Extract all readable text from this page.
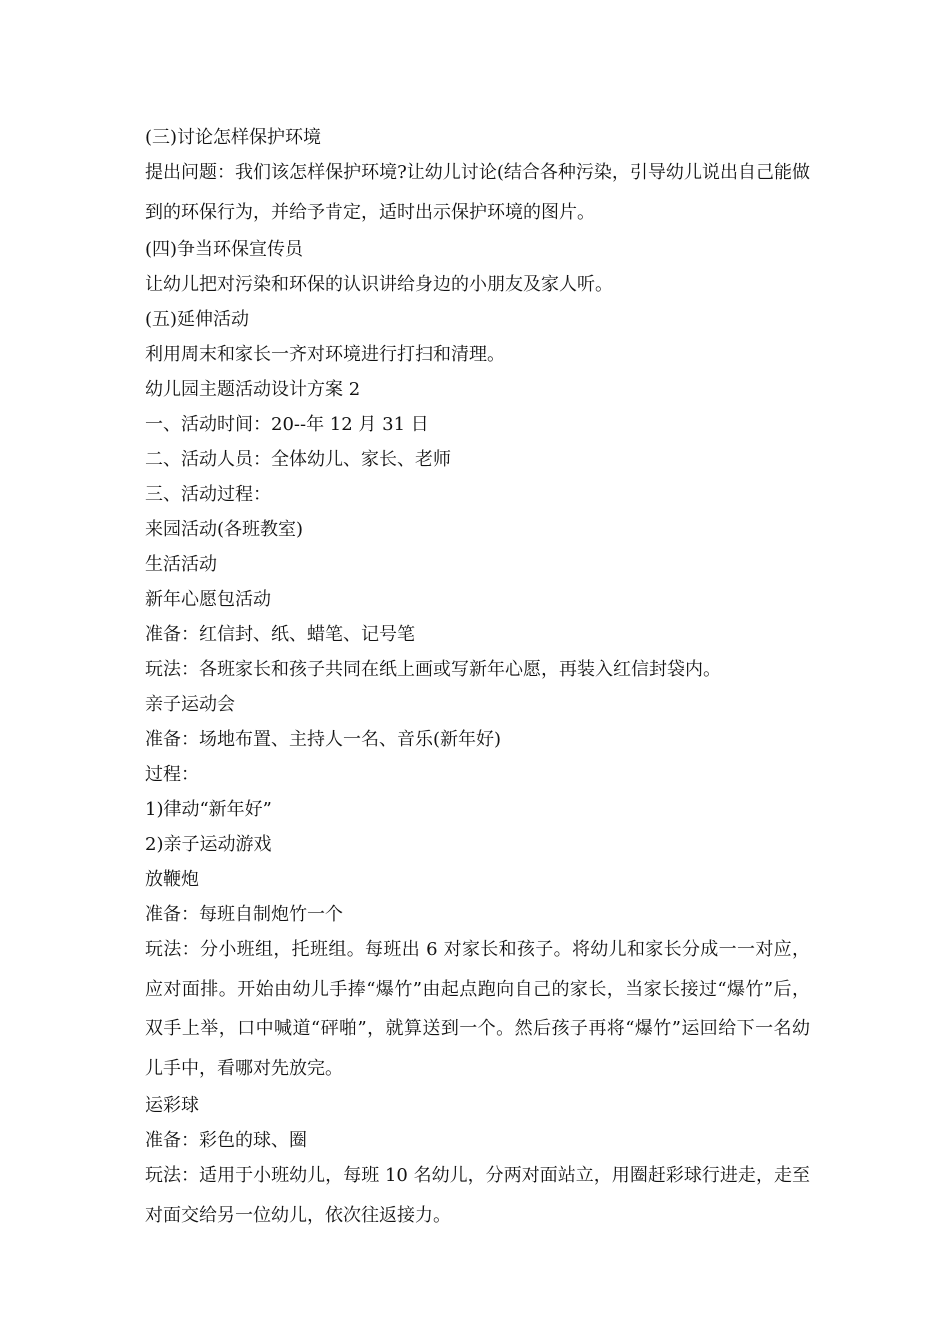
(三)讨论怎样保护环境

提出问题：我们该怎样保护环境?让幼儿讨论(结合各种污染，引导幼儿说出自己能做到的环保行为，并给予肯定，适时出示保护环境的图片。

(四)争当环保宣传员

让幼儿把对污染和环保的认识讲给身边的小朋友及家人听。

(五)延伸活动

利用周末和家长一齐对环境进行打扫和清理。

幼儿园主题活动设计方案 2

一、活动时间：20--年 12 月 31 日

二、活动人员：全体幼儿、家长、老师

三、活动过程：

来园活动(各班教室)

生活活动

新年心愿包活动

准备：红信封、纸、蜡笔、记号笔

玩法：各班家长和孩子共同在纸上画或写新年心愿，再装入红信封袋内。

亲子运动会

准备：场地布置、主持人一名、音乐(新年好)

过程：

1)律动“新年好”

2)亲子运动游戏

放鞭炮

准备：每班自制炮竹一个

玩法：分小班组，托班组。每班出 6 对家长和孩子。将幼儿和家长分成一一对应，应对面排。开始由幼儿手捧“爆竹”由起点跑向自己的家长，当家长接过“爆竹”后，双手上举，口中喊道“砰啪”，就算送到一个。然后孩子再将“爆竹”运回给下一名幼儿手中，看哪对先放完。

运彩球

准备：彩色的球、圈

玩法：适用于小班幼儿，每班 10 名幼儿，分两对面站立，用圈赶彩球行进走，走至对面交给另一位幼儿，依次往返接力。
